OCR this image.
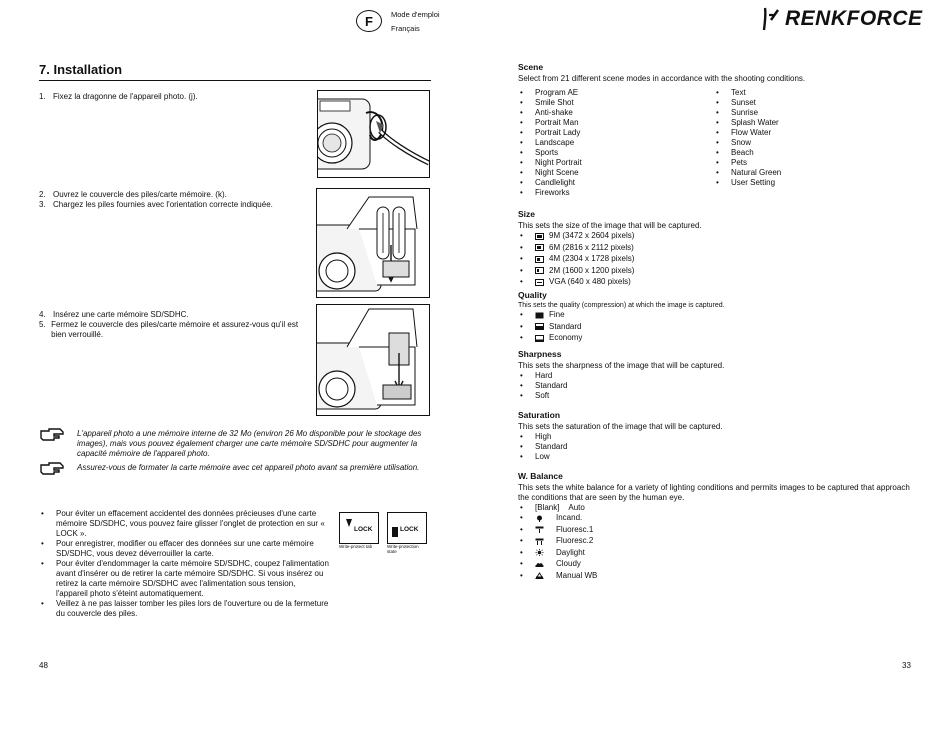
F	Mode d'emploi
Français	RENKFORCE
7. Installation
1. Fixez la dragonne de l'appareil photo. (j).
2. Ouvrez le couvercle des piles/carte mémoire. (k).
3. Chargez les piles fournies avec l'orientation correcte indiquée.
4. Insérez une carte mémoire SD/SDHC.
5. Fermez le couvercle des piles/carte mémoire et assurez-vous qu'il est bien verrouillé.
L'appareil photo a une mémoire interne de 32 Mo (environ 26 Mo disponible pour le stockage des images), mais vous pouvez également charger une carte mémoire SD/SDHC pour augmenter la capacité mémoire de l'appareil photo.
Assurez-vous de formater la carte mémoire avec cet appareil photo avant sa première utilisation.
• Pour éviter un effacement accidentel des données précieuses d'une carte mémoire SD/SDHC, vous pouvez faire glisser l'onglet de protection en sur « LOCK ».
• Pour enregistrer, modifier ou effacer des données sur une carte mémoire SD/SDHC, vous devez déverrouiller la carte.
• Pour éviter d'endommager la carte mémoire SD/SDHC, coupez l'alimentation avant d'insérer ou de retirer la carte mémoire SD/SDHC. Si vous insérez ou retirez la carte mémoire SD/SDHC avec l'alimentation sous tension, l'appareil photo s'éteint automatiquement.
• Veillez à ne pas laisser tomber les piles lors de l'ouverture ou de la fermeture du couvercle des piles.
LOCK	LOCK
Write-protect tab	Write-protection state
48
Scene
Select from 21 different scene modes in accordance with the shooting conditions.
• Program AE
• Smile Shot
• Anti-shake
• Portrait Man
• Portrait Lady
• Landscape
• Sports
• Night Portrait
• Night Scene
• Candlelight
• Fireworks
• Text
• Sunset
• Sunrise
• Splash Water
• Flow Water
• Snow
• Beach
• Pets
• Natural Green
• User Setting
Size
This sets the size of the image that will be captured.
• 9M (3472 x 2604 pixels)
• 6M (2816 x 2112 pixels)
• 4M (2304 x 1728 pixels)
• 2M (1600 x 1200 pixels)
• VGA (640 x 480 pixels)
Quality
This sets the quality (compression) at which the image is captured.
• Fine
• Standard
• Economy
Sharpness
This sets the sharpness of the image that will be captured.
• Hard
• Standard
• Soft
Saturation
This sets the saturation of the image that will be captured.
• High
• Standard
• Low
W. Balance
This sets the white balance for a variety of lighting conditions and permits images to be captured that approach the conditions that are seen by the human eye.
• [Blank] Auto
• Incand.
• Fluoresc.1
• Fluoresc.2
• Daylight
• Cloudy
• Manual WB
33
